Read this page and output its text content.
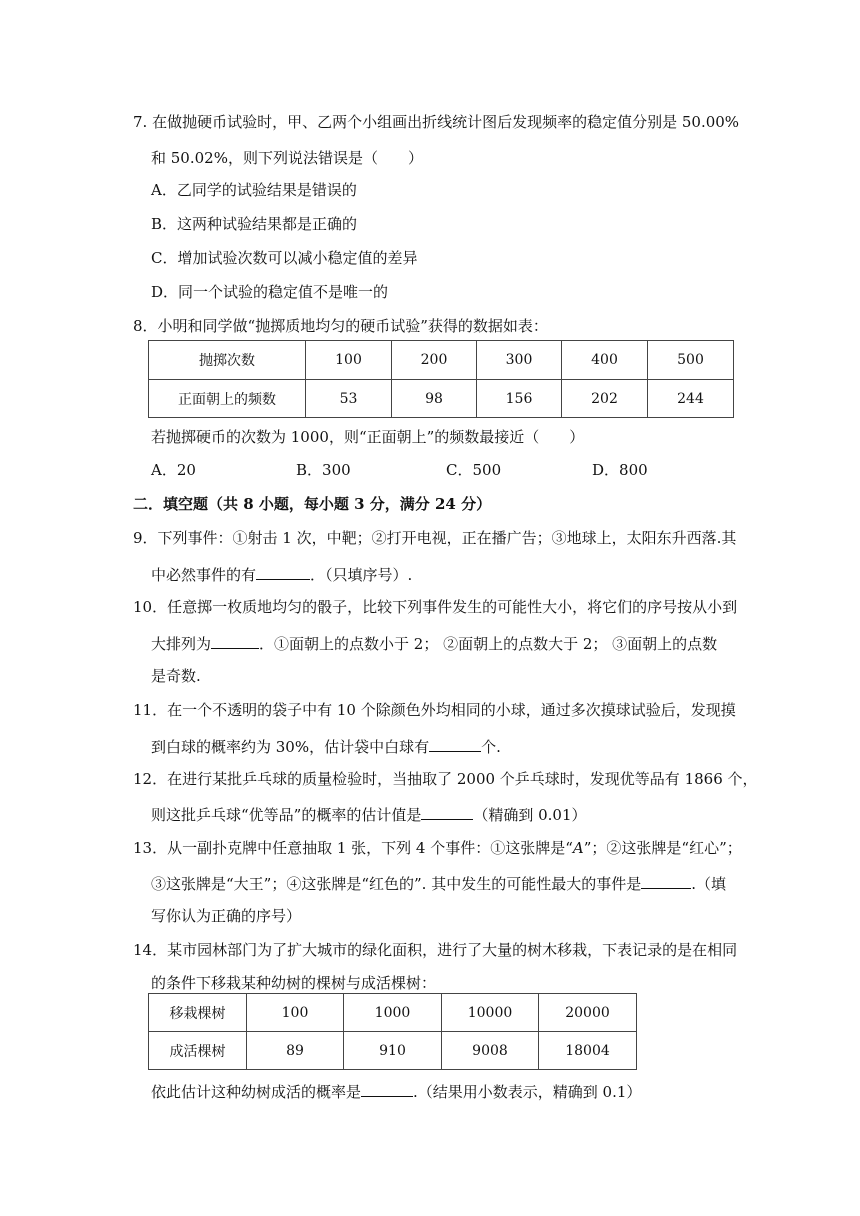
7. 在做抛硬币试验时，甲、乙两个小组画出折线统计图后发现频率的稳定值分别是 50.00%
和 50.02%，则下列说法错误是（　　）
A．乙同学的试验结果是错误的
B．这两种试验结果都是正确的
C．增加试验次数可以减小稳定值的差异
D．同一个试验的稳定值不是唯一的
8．小明和同学做“抛掷质地均匀的硬币试验”获得的数据如表：
抛掷次数	100	200	300	400	500
正面朝上的频数	53	98	156	202	244
若抛掷硬币的次数为 1000，则“正面朝上”的频数最接近（　　）
A．20	B．300	C．500	D．800
二．填空题（共 8 小题，每小题 3 分，满分 24 分）
9．下列事件：①射击 1 次，中靶；②打开电视，正在播广告；③地球上，太阳东升西落.其
中必然事件的有	．（只填序号）.
10．任意掷一枚质地均匀的骰子，比较下列事件发生的可能性大小，将它们的序号按从小到
大排列为	．①面朝上的点数小于 2； ②面朝上的点数大于 2； ③面朝上的点数
是奇数.
11．在一个不透明的袋子中有 10 个除颜色外均相同的小球，通过多次摸球试验后，发现摸
到白球的概率约为 30%，估计袋中白球有	个.
12．在进行某批乒乓球的质量检验时，当抽取了 2000 个乒乓球时，发现优等品有 1866 个，
则这批乒乓球“优等品”的概率的估计值是	（精确到 0.01）
13．从一副扑克牌中任意抽取 1 张，下列 4 个事件：①这张牌是“A”；②这张牌是“红心”；
③这张牌是“大王”；④这张牌是“红色的”. 其中发生的可能性最大的事件是	.（填
写你认为正确的序号）
14．某市园林部门为了扩大城市的绿化面积，进行了大量的树木移栽，下表记录的是在相同
的条件下移栽某种幼树的棵树与成活棵树：
移栽棵树	100	1000	10000	20000
成活棵树	89	910	9008	18004
依此估计这种幼树成活的概率是	.（结果用小数表示，精确到 0.1）
